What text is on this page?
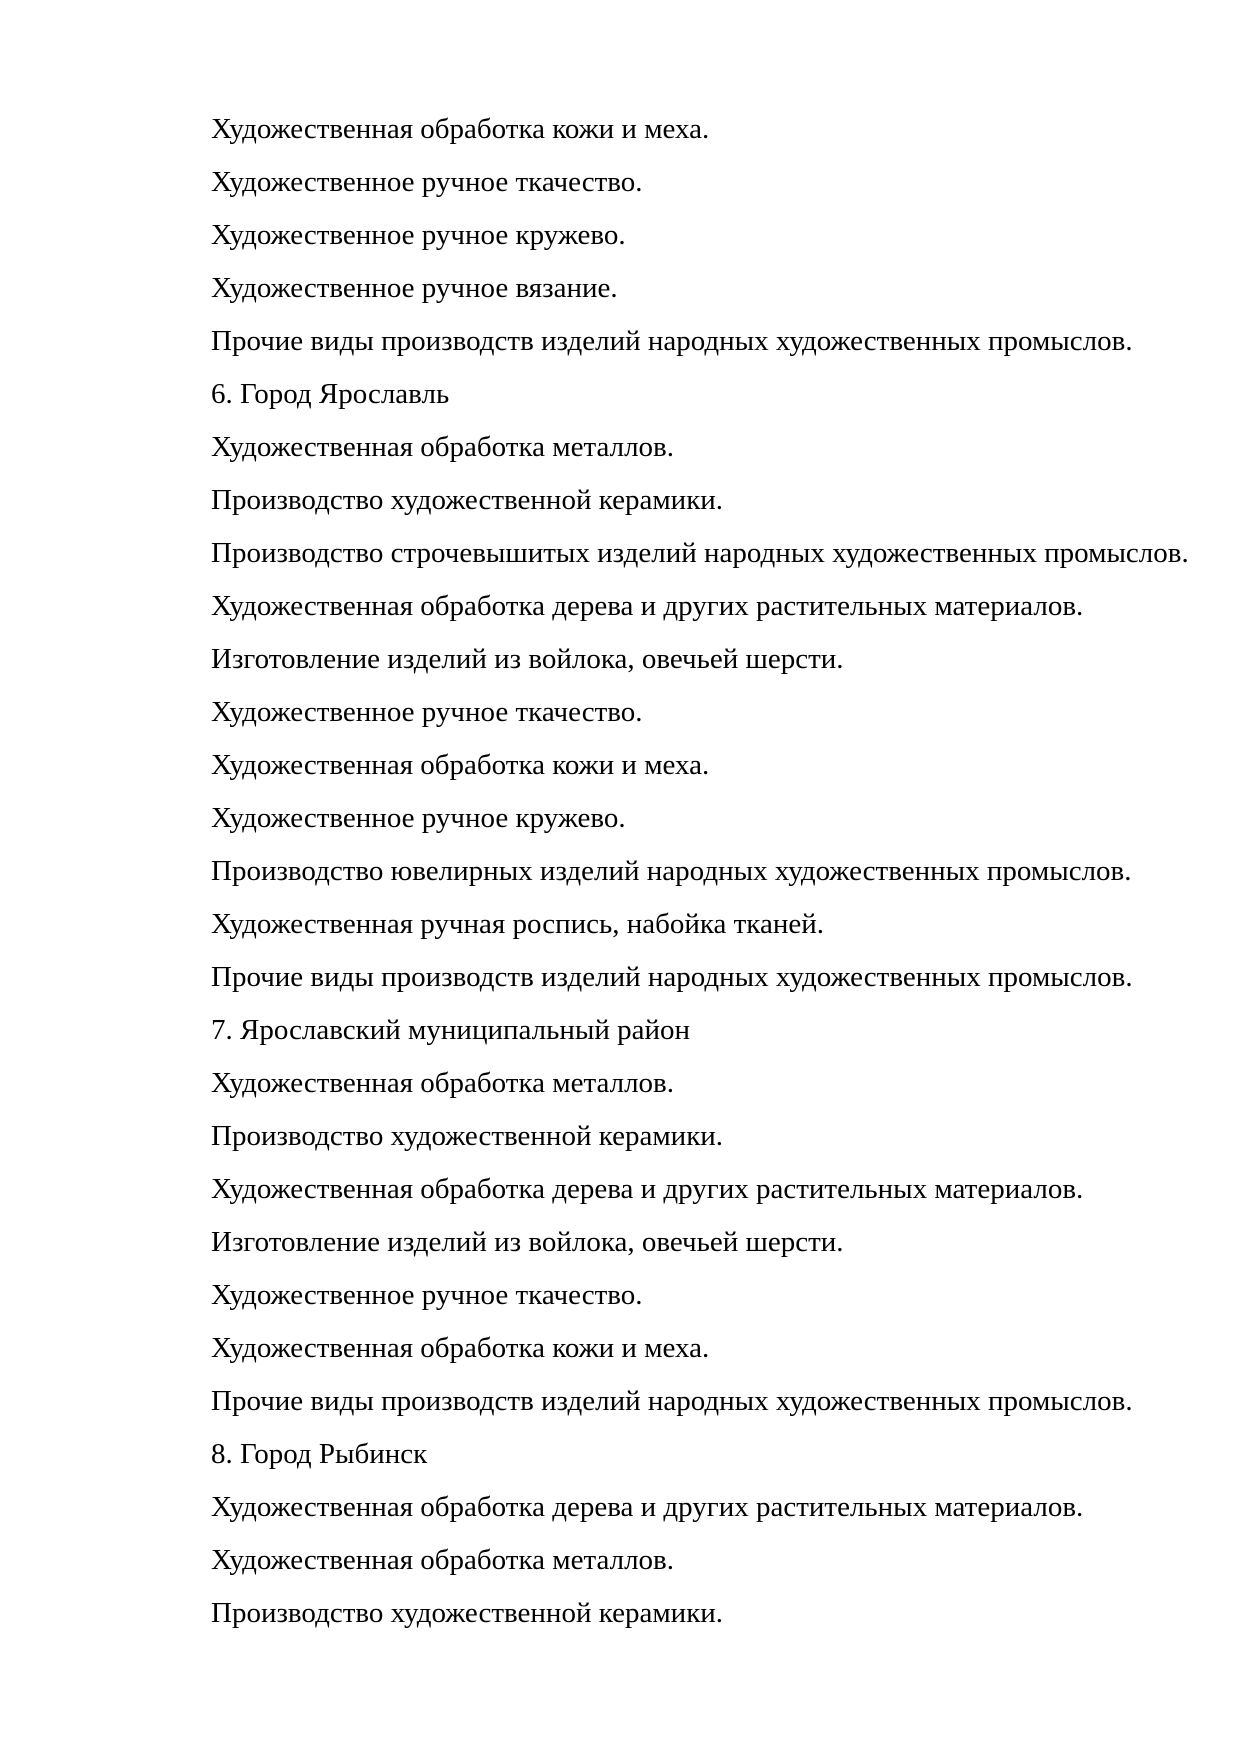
Художественная обработка кожи и меха.

Художественное ручное ткачество.

Художественное ручное кружево.

Художественное ручное вязание.

Прочие виды производств изделий народных художественных промыслов.

6. Город Ярославль

Художественная обработка металлов.

Производство художественной керамики.

Производство строчевышитых изделий народных художественных промыслов.

Художественная обработка дерева и других растительных материалов.

Изготовление изделий из войлока, овечьей шерсти.

Художественное ручное ткачество.

Художественная обработка кожи и меха.

Художественное ручное кружево.

Производство ювелирных изделий народных художественных промыслов.

Художественная ручная роспись, набойка тканей.

Прочие виды производств изделий народных художественных промыслов.

7. Ярославский муниципальный район

Художественная обработка металлов.

Производство художественной керамики.

Художественная обработка дерева и других растительных материалов.

Изготовление изделий из войлока, овечьей шерсти.

Художественное ручное ткачество.

Художественная обработка кожи и меха.

Прочие виды производств изделий народных художественных промыслов.

8. Город Рыбинск

Художественная обработка дерева и других растительных материалов.

Художественная обработка металлов.

Производство художественной керамики.
